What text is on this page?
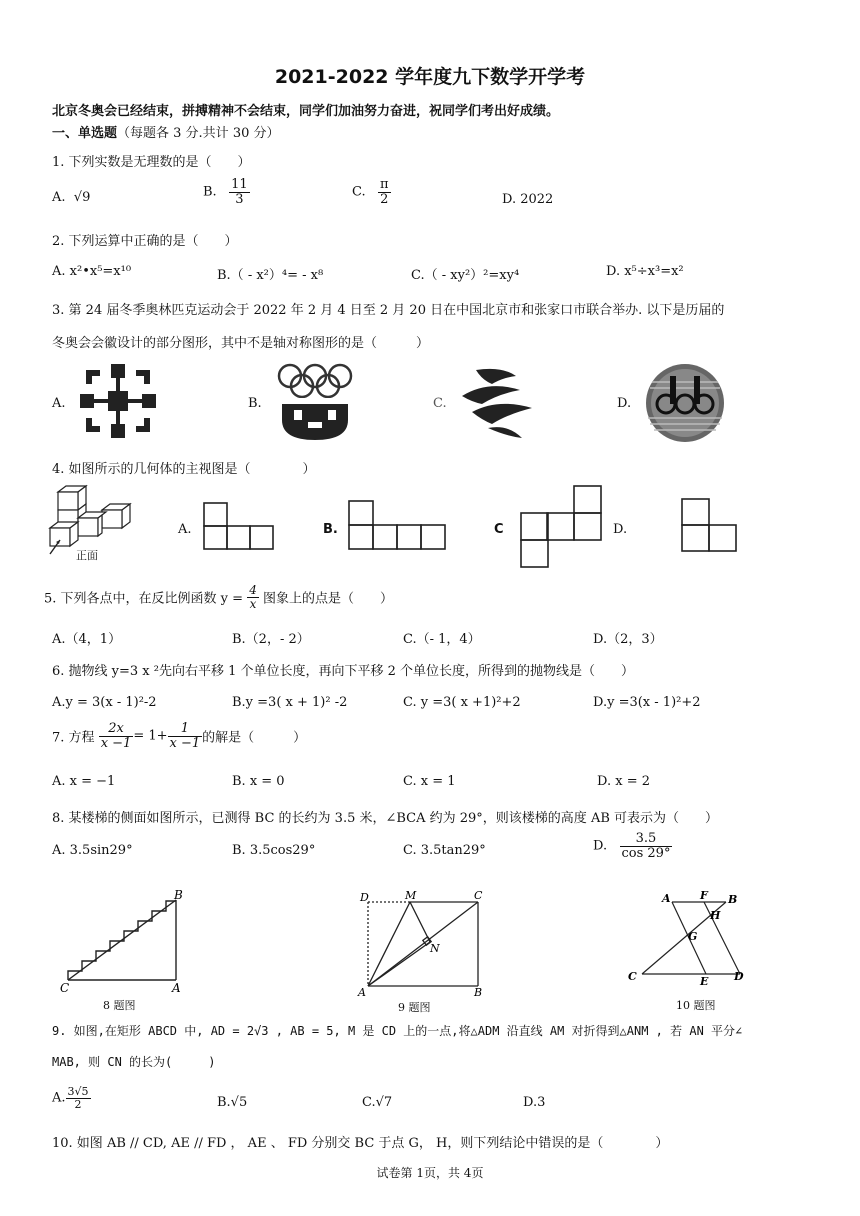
2021-2022 学年度九下数学开学考
北京冬奥会已经结束，拼搏精神不会结束，同学们加油努力奋进，祝同学们考出好成绩。
一、单选题（每题各 3 分.共计 30 分）
1. 下列实数是无理数的是（　　）
A. √9	B. $\frac{11}{3}$	C. $\frac{\pi}{2}$	D. 2022
2. 下列运算中正确的是（　　）
A. x²•x⁵=x¹⁰	B.（ - x²）⁴= - x⁸	C.（ - xy²）²=xy⁴	D. x⁵÷x³=x²
3. 第 24 届冬季奥林匹克运动会于 2022 年 2 月 4 日至 2 月 20 日在中国北京市和张家口市联合举办. 以下是历届的
冬奥会会徽设计的部分图形，其中不是轴对称图形的是（　　　）
A.	B.	C.	D.
4. 如图所示的几何体的主视图是（　　　　）
正面
A.	B.	C	D.
5. 下列各点中，在反比例函数 $y = \frac{4}{x}$ 图象上的点是（　　）
A.（4，1）	B.（2，- 2）	C.（- 1，4）	D.（2，3）
6. 抛物线 y=3 x ²先向右平移 1 个单位长度，再向下平移 2 个单位长度，所得到的抛物线是（　　）
A.y = 3(x - 1)²-2	B.y =3( x + 1)² -2	C. y =3( x +1)²+2	D.y =3(x - 1)²+2
7. 方程 $\frac{2x}{x -1} = 1+ \frac{1}{x -1}$ 的解是（　　　）
A. x = −1	B. x = 0	C. x = 1	D. x = 2
8. 某楼梯的侧面如图所示，已测得 BC 的长约为 3.5 米，∠BCA 约为 29°，则该楼梯的高度 AB 可表示为（　　）
A. 3.5sin29°	B. 3.5cos29°	C. 3.5tan29°	D. $\frac{3.5}{\cos 29^\circ}$
C	A
B
8 题图
D	M	C
A	B
N
9 题图
A	F B
H
G
C	E D
10 题图
9. 如图,在矩形 ABCD 中, AD = 2√3 , AB = 5, M 是 CD 上的一点,将△ADM 沿直线 AM 对折得到△ANM , 若 AN 平分∠
MAB, 则 CN 的长为(　　　)
A. $\frac{3√5}{2}$	B.√5	C.√7	D.3
10. 如图 AB // CD, AE // FD ， AE 、 FD 分别交 BC 于点 G， H，则下列结论中错误的是（　　　　）
试卷第 1页，共 4页
